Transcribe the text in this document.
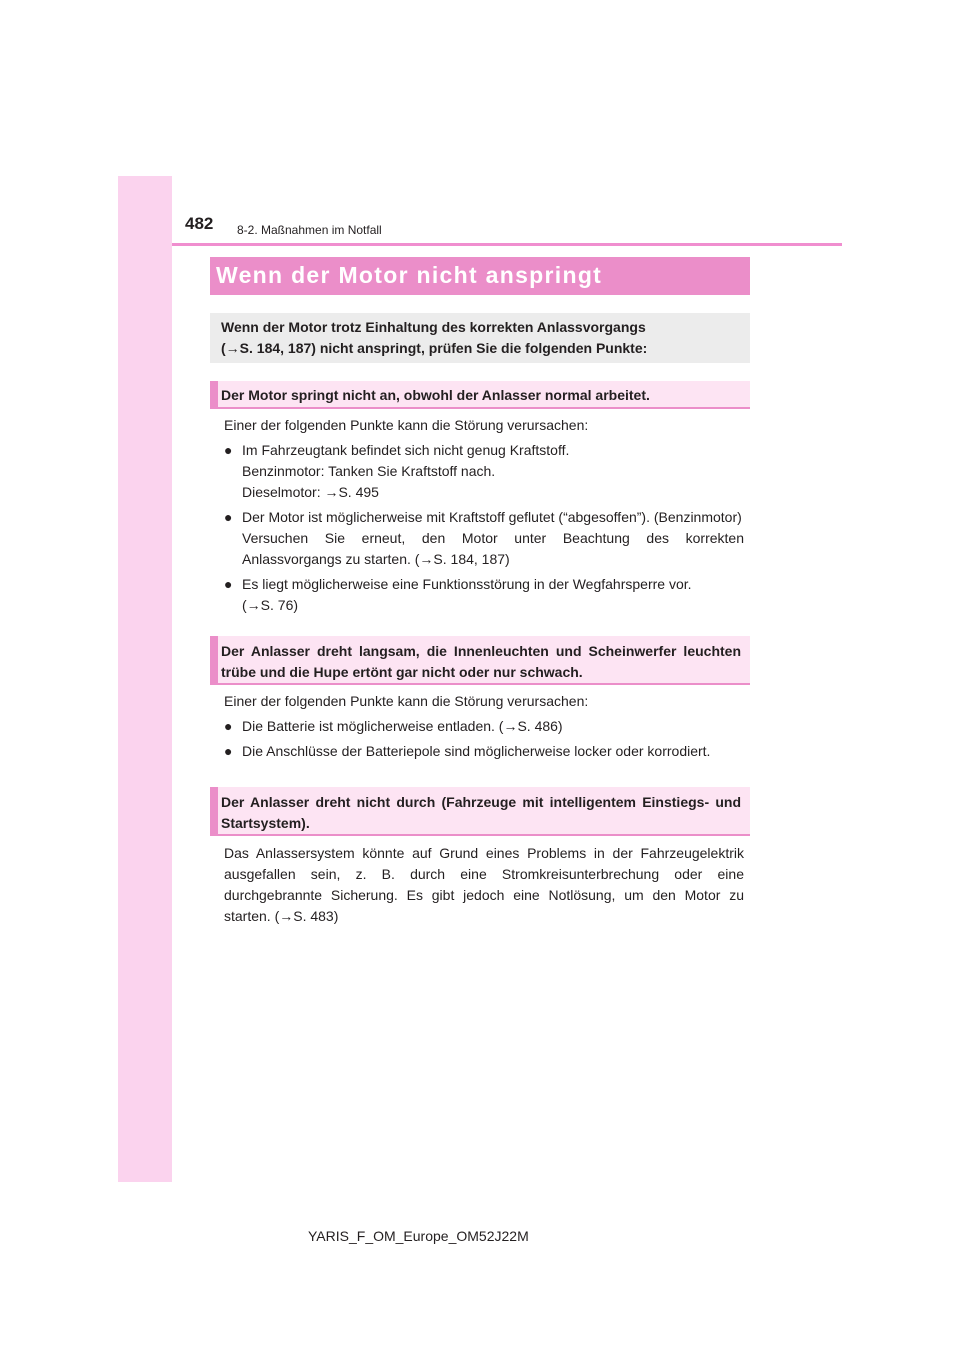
482 8-2. Maßnahmen im Notfall
Wenn der Motor nicht anspringt
Wenn der Motor trotz Einhaltung des korrekten Anlassvorgangs
(→S. 184, 187) nicht anspringt, prüfen Sie die folgenden Punkte:
Der Motor springt nicht an, obwohl der Anlasser normal arbeitet.

Einer der folgenden Punkte kann die Störung verursachen:

● Im Fahrzeugtank befindet sich nicht genug Kraftstoff.
Benzinmotor: Tanken Sie Kraftstoff nach.
Dieselmotor: →S. 495
● Der Motor ist möglicherweise mit Kraftstoff geflutet (“abgesoffen”). (Benzinmotor)
Versuchen Sie erneut, den Motor unter Beachtung des korrekten Anlassvorgangs zu starten. (→S. 184, 187)
● Es liegt möglicherweise eine Funktionsstörung in der Wegfahrsperre vor.
(→S. 76)
Der Anlasser dreht langsam, die Innenleuchten und Scheinwerfer leuchten trübe und die Hupe ertönt gar nicht oder nur schwach.

Einer der folgenden Punkte kann die Störung verursachen:

● Die Batterie ist möglicherweise entladen. (→S. 486)
● Die Anschlüsse der Batteriepole sind möglicherweise locker oder korrodiert.
Der Anlasser dreht nicht durch (Fahrzeuge mit intelligentem Einstiegs- und Startsystem).

Das Anlassersystem könnte auf Grund eines Problems in der Fahrzeugelektrik ausgefallen sein, z. B. durch eine Stromkreisunterbrechung oder eine durchgebrannte Sicherung. Es gibt jedoch eine Notlösung, um den Motor zu starten. (→S. 483)

YARIS_F_OM_Europe_OM52J22M
